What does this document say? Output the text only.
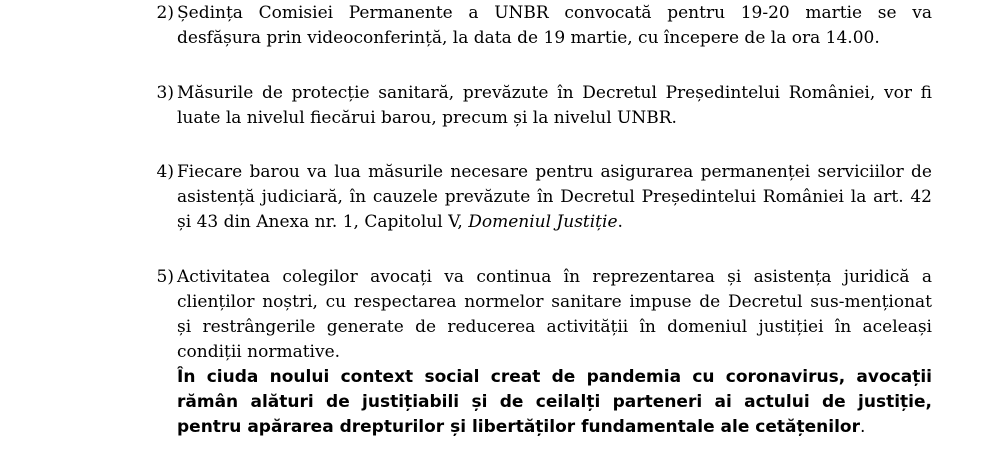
2) Ședința Comisiei Permanente a UNBR convocată pentru 19-20 martie se va
desfășura prin videoconferință, la data de 19 martie, cu începere de la ora 14.00.
3) Măsurile de protecție sanitară, prevăzute în Decretul Președintelui României, vor fi
luate la nivelul fiecărui barou, precum și la nivelul UNBR.
4) Fiecare barou va lua măsurile necesare pentru asigurarea permanenței serviciilor de
asistență judiciară, în cauzele prevăzute în Decretul Președintelui României la art. 42
și 43 din Anexa nr. 1, Capitolul V, Domeniul Justiție.
5) Activitatea colegilor avocați va continua în reprezentarea și asistența juridică a
clienților noștri, cu respectarea normelor sanitare impuse de Decretul sus-menționat
și restrângerile generate de reducerea activității în domeniul justiției în aceleași
condiții normative.
În ciuda noului context social creat de pandemia cu coronavirus, avocații
rămân alături de justițiabili și de ceilalți parteneri ai actului de justiție,
pentru apărarea drepturilor și libertăților fundamentale ale cetățenilor.
